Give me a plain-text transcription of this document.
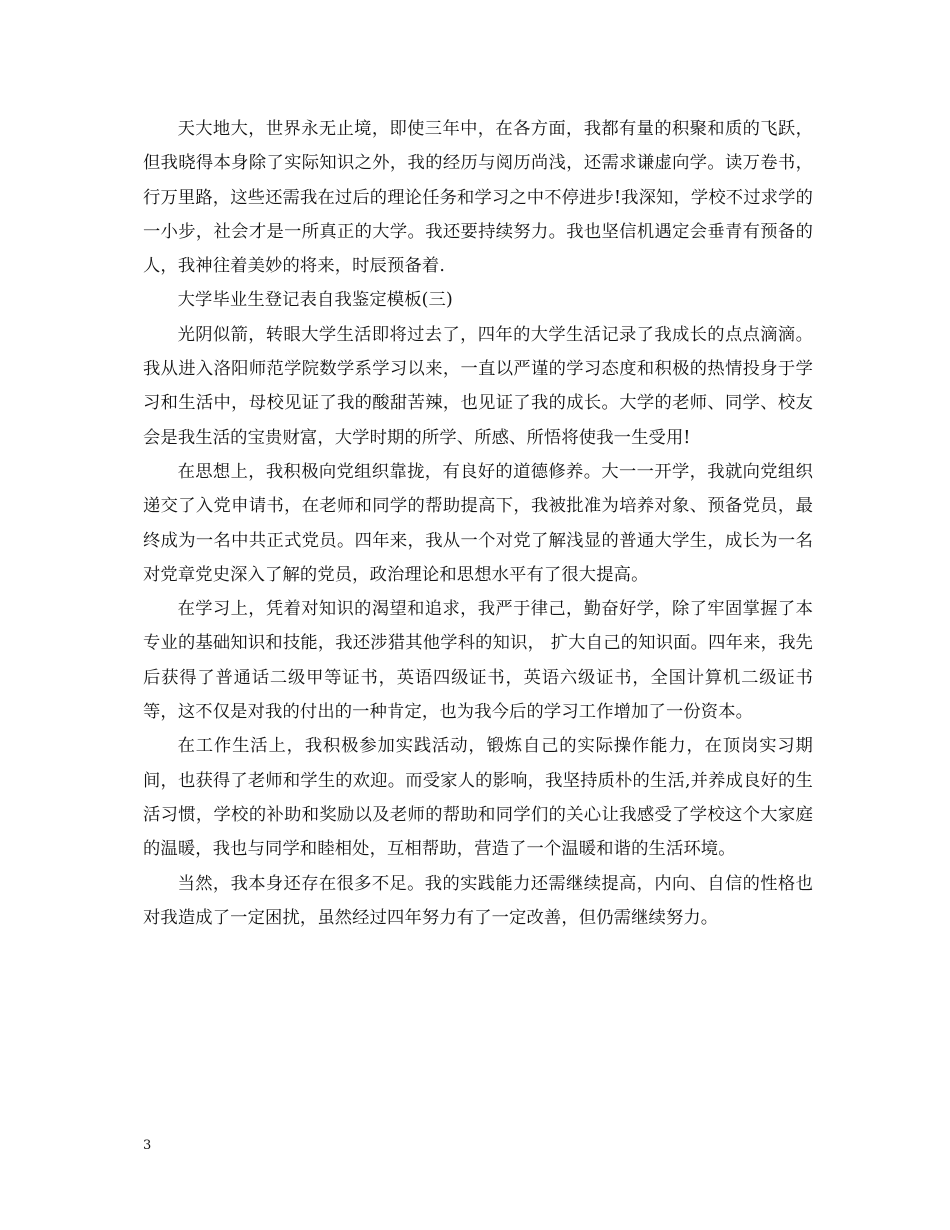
天大地大，世界永无止境，即使三年中，在各方面，我都有量的积聚和质的飞跃，但我晓得本身除了实际知识之外，我的经历与阅历尚浅，还需求谦虚向学。读万卷书，行万里路，这些还需我在过后的理论任务和学习之中不停进步!我深知，学校不过求学的一小步，社会才是一所真正的大学。我还要持续努力。我也坚信机遇定会垂青有预备的人，我神往着美妙的将来，时辰预备着.

大学毕业生登记表自我鉴定模板(三)

光阴似箭，转眼大学生活即将过去了，四年的大学生活记录了我成长的点点滴滴。我从进入洛阳师范学院数学系学习以来，一直以严谨的学习态度和积极的热情投身于学习和生活中，母校见证了我的酸甜苦辣，也见证了我的成长。大学的老师、同学、校友会是我生活的宝贵财富，大学时期的所学、所感、所悟将使我一生受用!

在思想上，我积极向党组织靠拢，有良好的道德修养。大一一开学，我就向党组织递交了入党申请书，在老师和同学的帮助提高下，我被批准为培养对象、预备党员，最终成为一名中共正式党员。四年来，我从一个对党了解浅显的普通大学生，成长为一名对党章党史深入了解的党员，政治理论和思想水平有了很大提高。

在学习上，凭着对知识的渴望和追求，我严于律己，勤奋好学，除了牢固掌握了本专业的基础知识和技能，我还涉猎其他学科的知识， 扩大自己的知识面。四年来，我先后获得了普通话二级甲等证书，英语四级证书，英语六级证书，全国计算机二级证书等，这不仅是对我的付出的一种肯定，也为我今后的学习工作增加了一份资本。

在工作生活上，我积极参加实践活动，锻炼自己的实际操作能力，在顶岗实习期间，也获得了老师和学生的欢迎。而受家人的影响，我坚持质朴的生活,并养成良好的生活习惯，学校的补助和奖励以及老师的帮助和同学们的关心让我感受了学校这个大家庭的温暖，我也与同学和睦相处，互相帮助，营造了一个温暖和谐的生活环境。

当然，我本身还存在很多不足。我的实践能力还需继续提高，内向、自信的性格也对我造成了一定困扰，虽然经过四年努力有了一定改善，但仍需继续努力。

3
